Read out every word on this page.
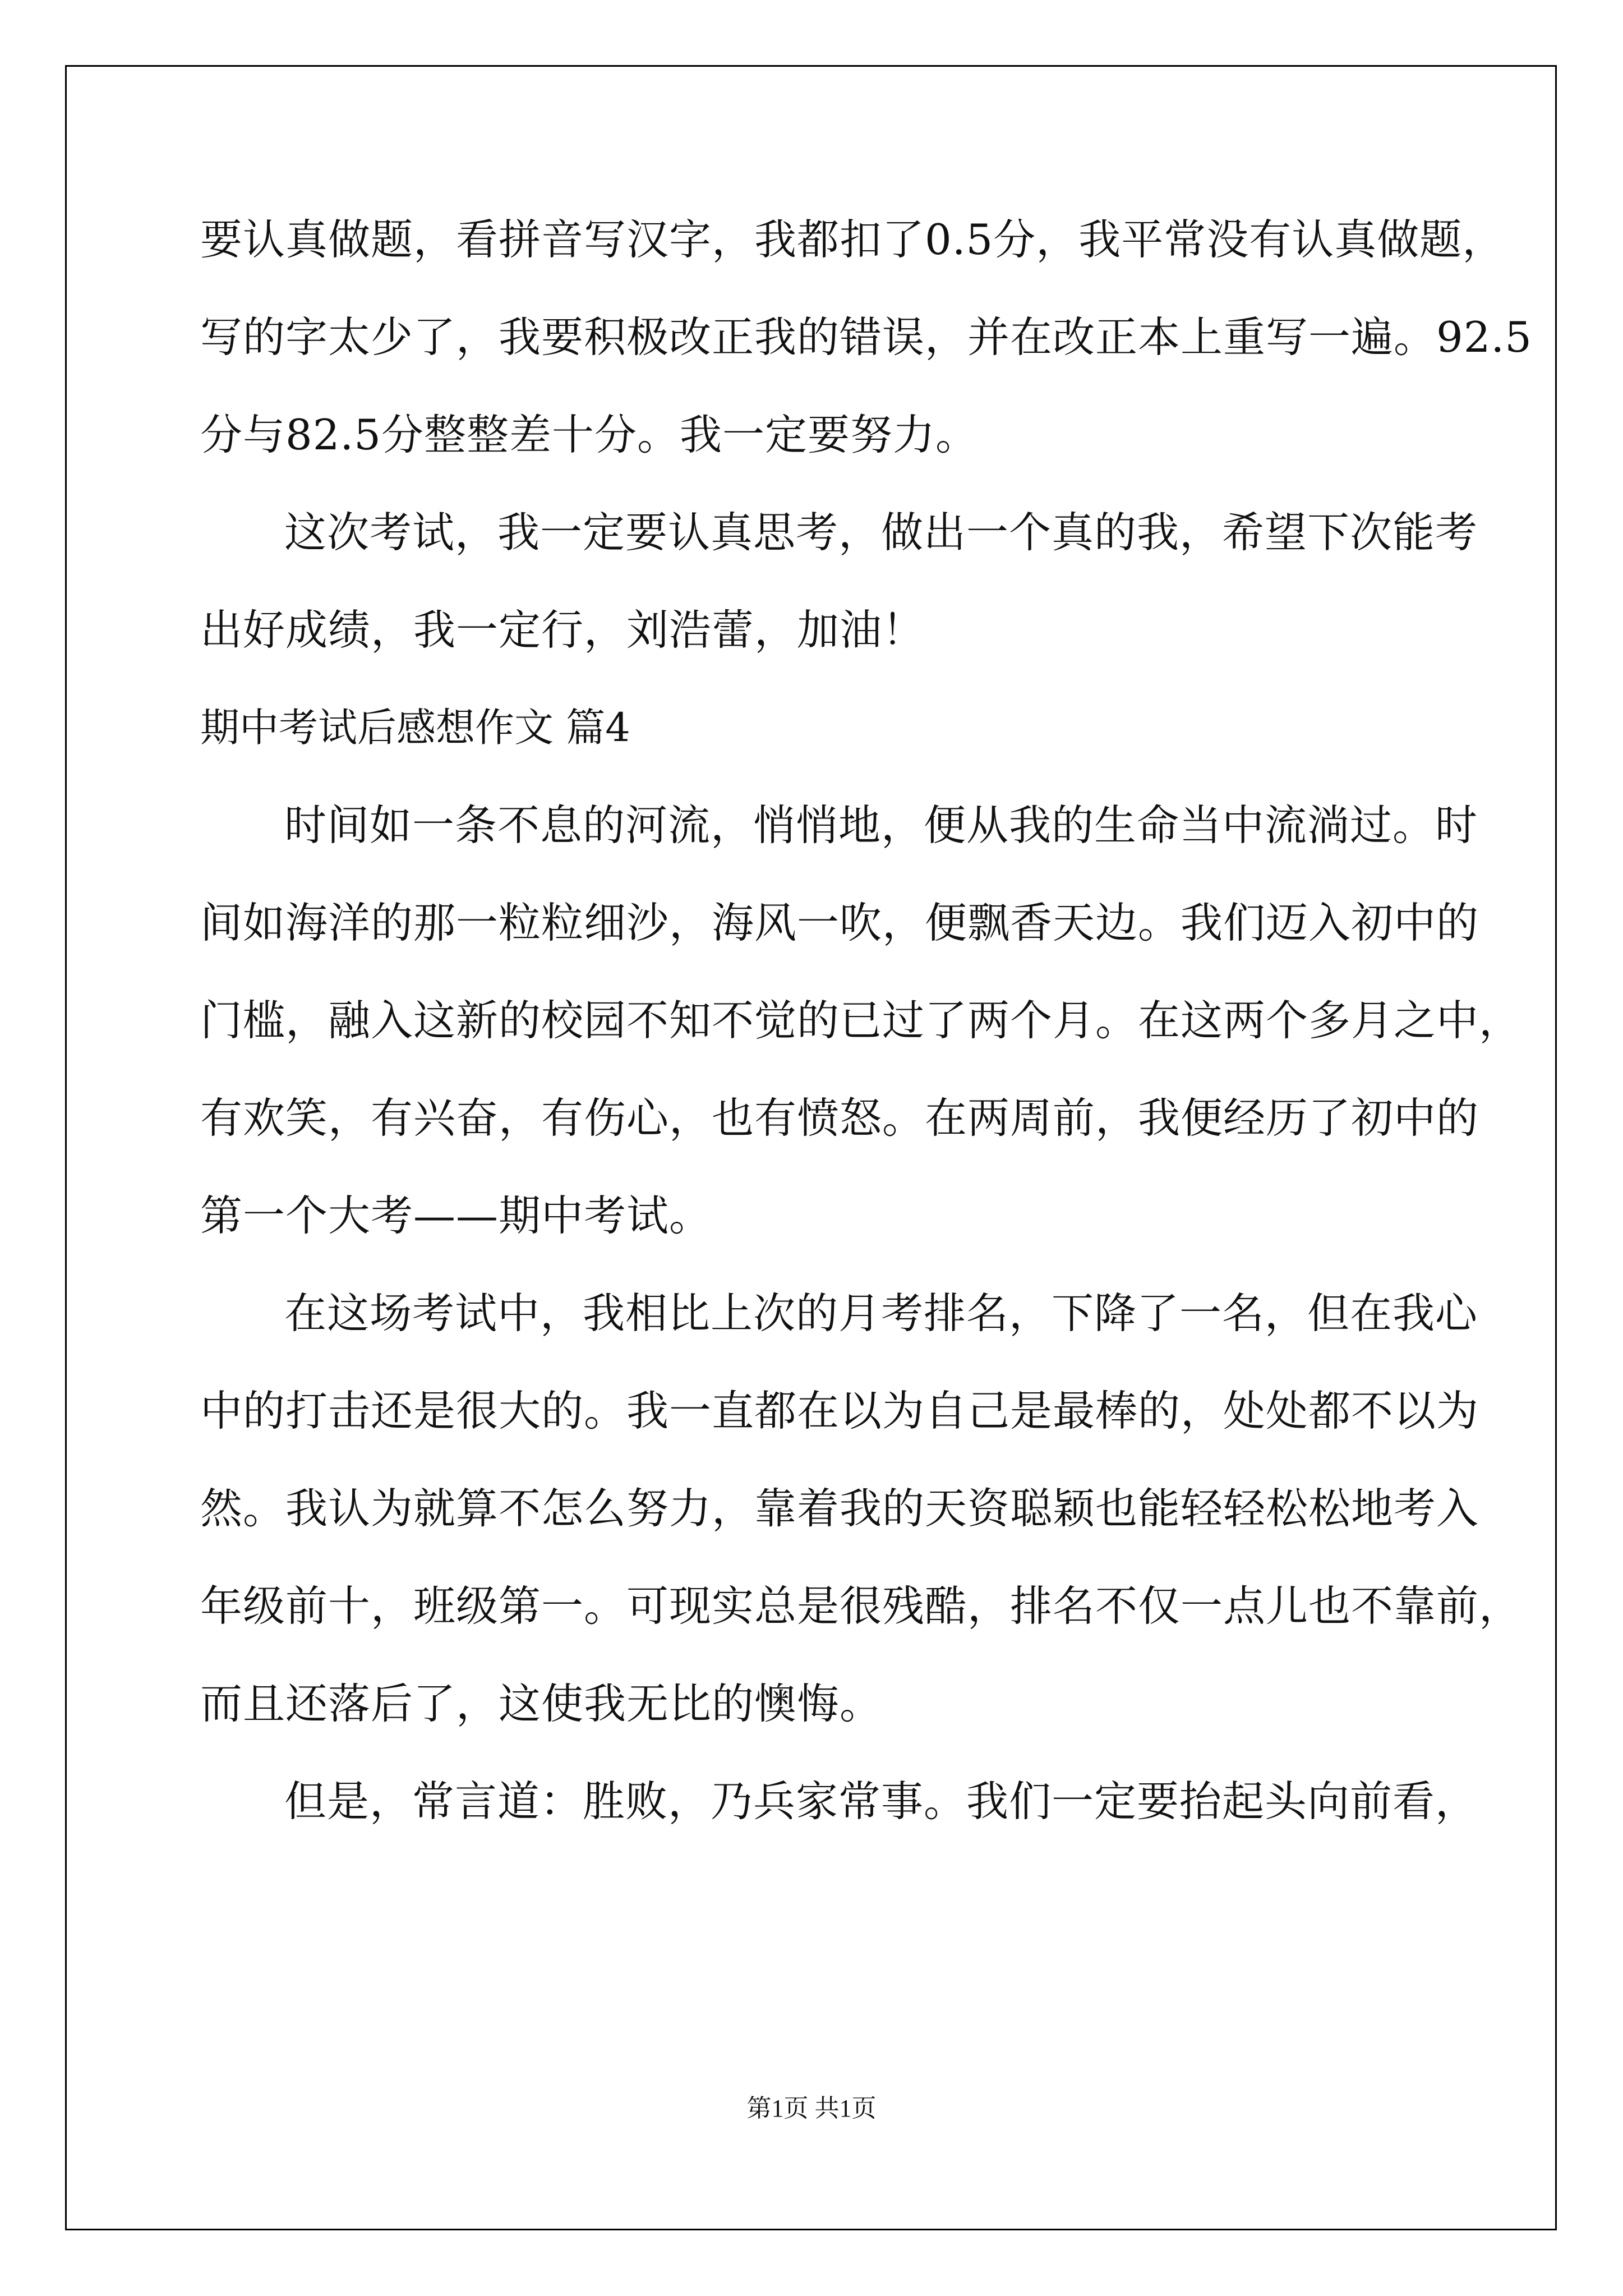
要认真做题，看拼音写汉字，我都扣了0.5分，我平常没有认真做题，
写的字太少了，我要积极改正我的错误，并在改正本上重写一遍。92.5
分与82.5分整整差十分。我一定要努力。
这次考试，我一定要认真思考，做出一个真的我，希望下次能考
出好成绩，我一定行，刘浩蕾，加油！
期中考试后感想作文 篇4
时间如一条不息的河流，悄悄地，便从我的生命当中流淌过。时
间如海洋的那一粒粒细沙，海风一吹，便飘香天边。我们迈入初中的
门槛，融入这新的校园不知不觉的已过了两个月。在这两个多月之中，
有欢笑，有兴奋，有伤心，也有愤怒。在两周前，我便经历了初中的
第一个大考——期中考试。
在这场考试中，我相比上次的月考排名，下降了一名，但在我心
中的打击还是很大的。我一直都在以为自己是最棒的，处处都不以为
然。我认为就算不怎么努力，靠着我的天资聪颖也能轻轻松松地考入
年级前十，班级第一。可现实总是很残酷，排名不仅一点儿也不靠前，
而且还落后了，这使我无比的懊悔。
但是，常言道：胜败，乃兵家常事。我们一定要抬起头向前看，
第1页 共1页
